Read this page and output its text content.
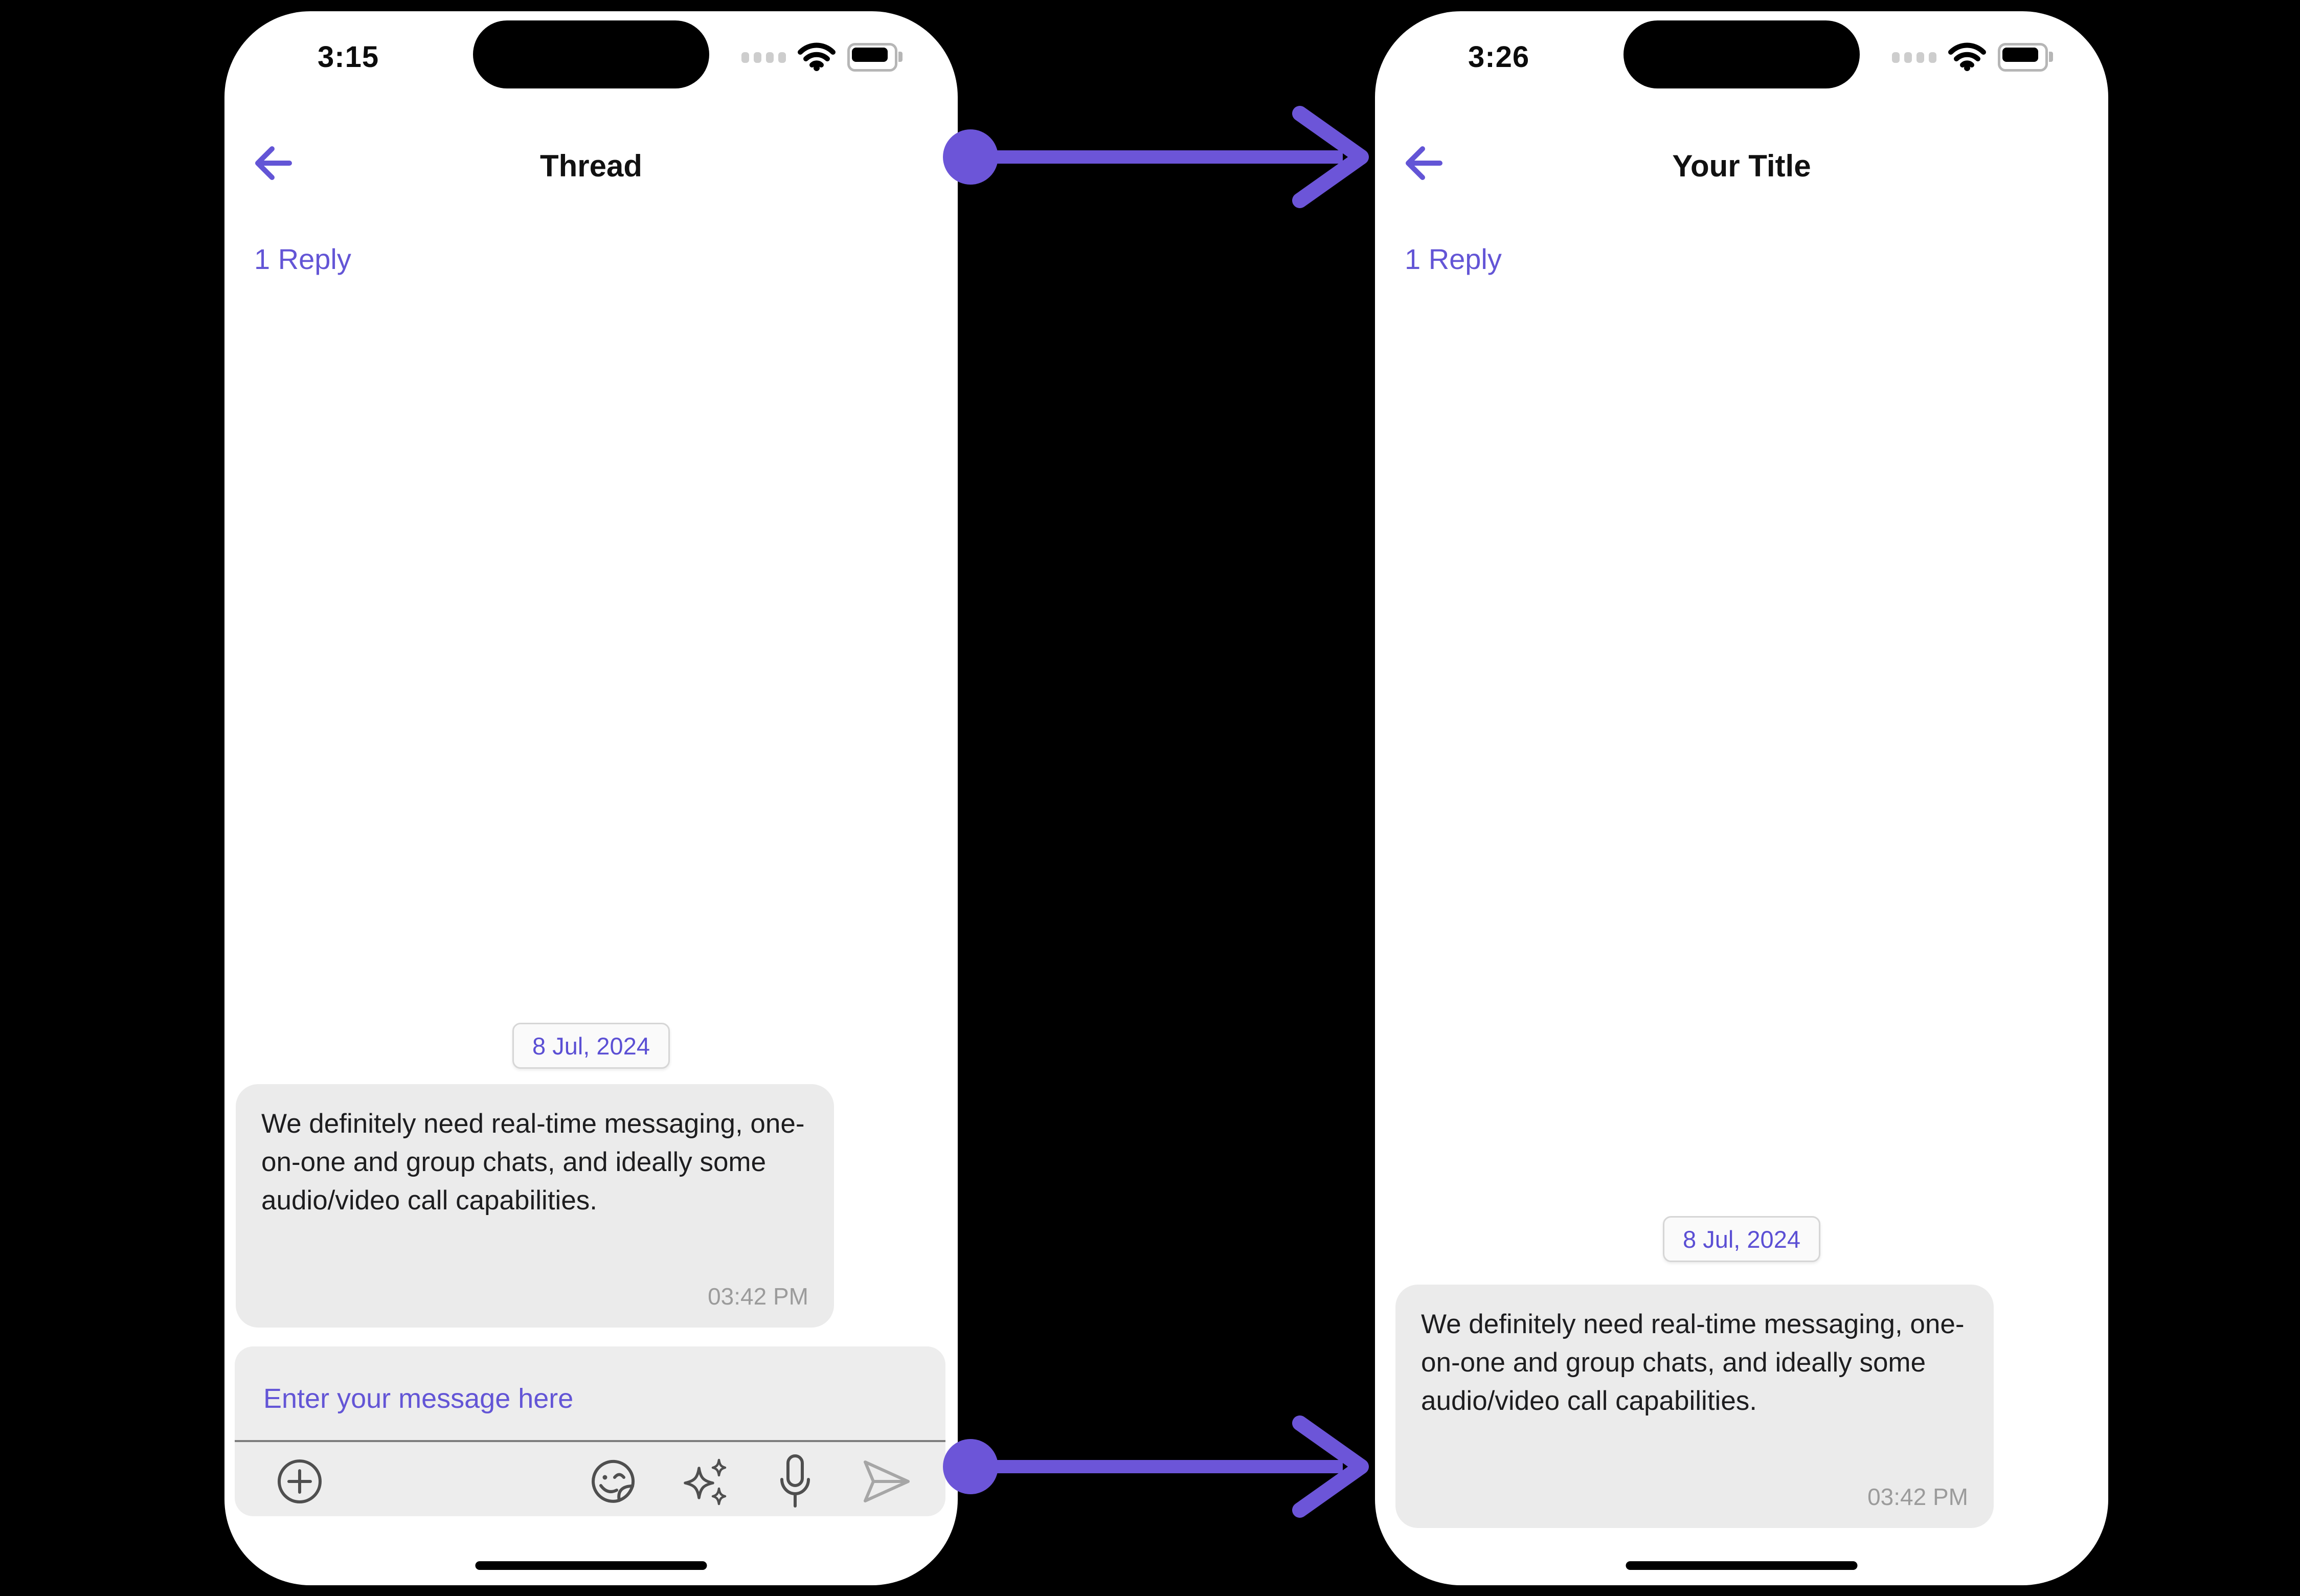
3:15
Thread
1 Reply
8 Jul, 2024
We definitely need real-time messaging, one-on-one and group chats, and ideally some audio/video call capabilities.
03:42 PM
Enter your message here
3:26
Your Title
1 Reply
8 Jul, 2024
We definitely need real-time messaging, one-on-one and group chats, and ideally some audio/video call capabilities.
03:42 PM
